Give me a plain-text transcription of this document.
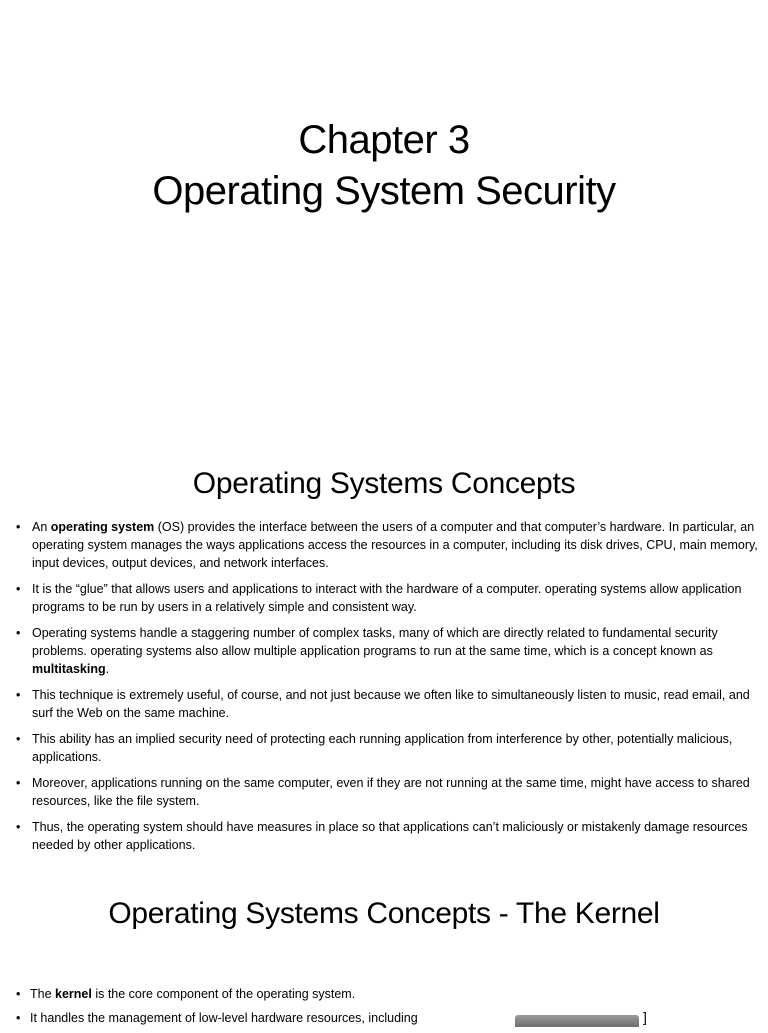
Chapter 3
Operating System Security
Operating Systems Concepts
• An operating system (OS) provides the interface between the users of a computer and that computer’s hardware. In particular, an operating system manages the ways applications access the resources in a computer, including its disk drives, CPU, main memory, input devices, output devices, and network interfaces.
• It is the “glue” that allows users and applications to interact with the hardware of a computer. operating systems allow application programs to be run by users in a relatively simple and consistent way.
• Operating systems handle a staggering number of complex tasks, many of which are directly related to fundamental security problems. operating systems also allow multiple application programs to run at the same time, which is a concept known as multitasking.
• This technique is extremely useful, of course, and not just because we often like to simultaneously listen to music, read email, and surf the Web on the same machine.
• This ability has an implied security need of protecting each running application from interference by other, potentially malicious, applications.
• Moreover, applications running on the same computer, even if they are not running at the same time, might have access to shared resources, like the file system.
• Thus, the operating system should have measures in place so that applications can’t maliciously or mistakenly damage resources needed by other applications.
Operating Systems Concepts - The Kernel
• The kernel is the core component of the operating system.
• It handles the management of low-level hardware resources, including	]
